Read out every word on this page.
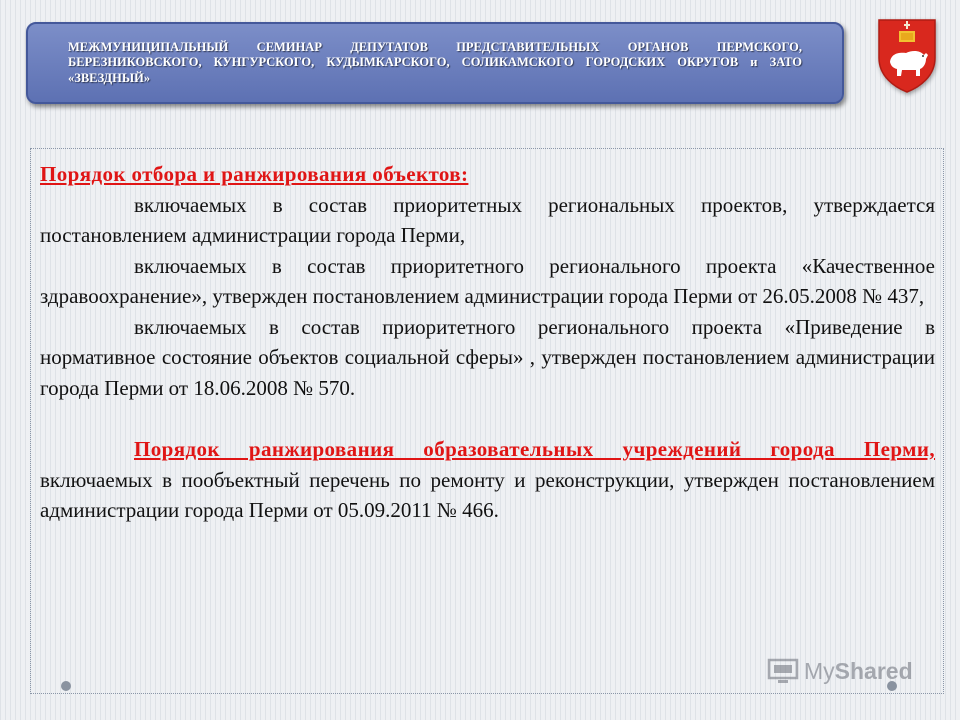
МЕЖМУНИЦИПАЛЬНЫЙ СЕМИНАР ДЕПУТАТОВ ПРЕДСТАВИТЕЛЬНЫХ ОРГАНОВ ПЕРМСКОГО, БЕРЕЗНИКОВСКОГО, КУНГУРСКОГО, КУДЫМКАРСКОГО, СОЛИКАМСКОГО ГОРОДСКИХ ОКРУГОВ и ЗАТО «ЗВЕЗДНЫЙ»

Порядок отбора и ранжирования объектов:

включаемых в состав приоритетных региональных проектов, утверждается постановлением администрации города Перми,

включаемых в состав приоритетного регионального проекта «Качественное здравоохранение», утвержден постановлением администрации города Перми от 26.05.2008 № 437,

включаемых в состав приоритетного регионального проекта «Приведение в нормативное состояние объектов социальной сферы» , утвержден постановлением администрации города Перми от 18.06.2008 № 570.

Порядок ранжирования образовательных учреждений города Перми, включаемых в пообъектный перечень по ремонту и реконструкции, утвержден постановлением администрации города Перми от 05.09.2011 № 466.

MyShared
